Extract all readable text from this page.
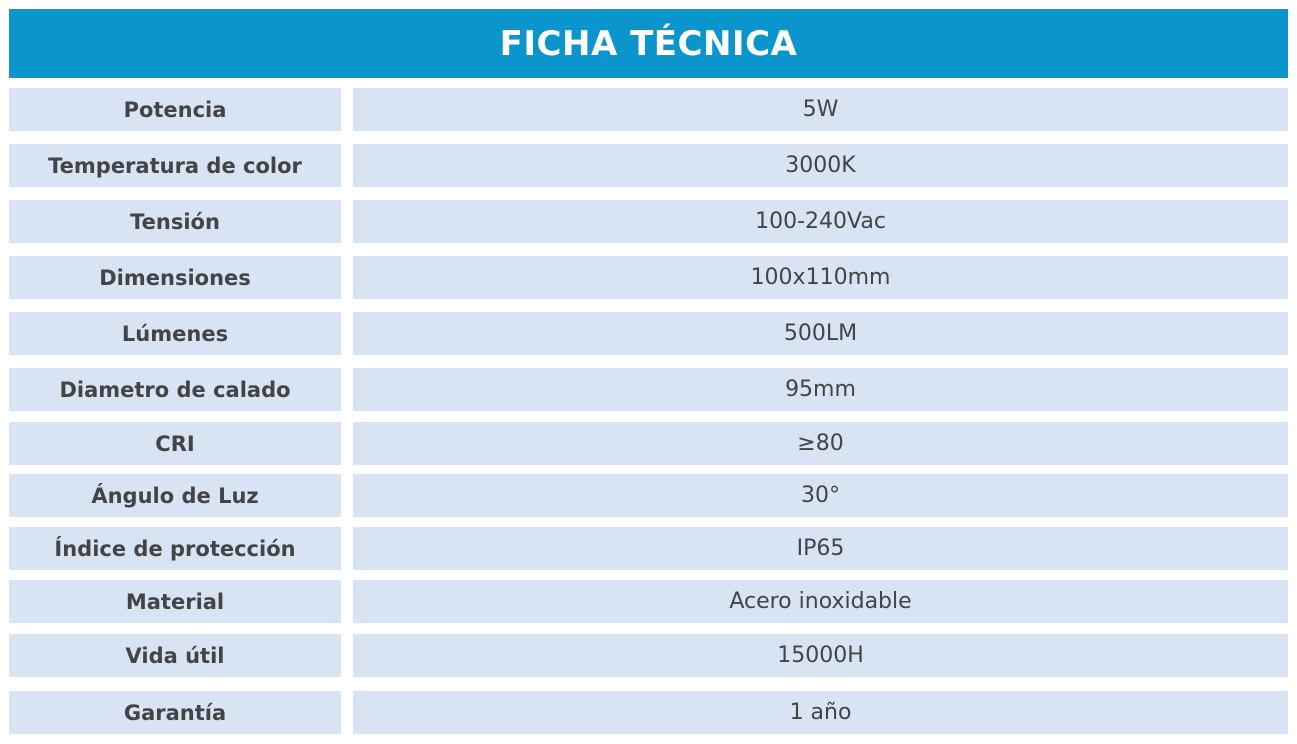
FICHA TÉCNICA
Potencia	5W
Temperatura de color	3000K
Tensión	100-240Vac
Dimensiones	100x110mm
Lúmenes	500LM
Diametro de calado	95mm
CRI	≥80
Ángulo de Luz	30°
Índice de protección	IP65
Material	Acero inoxidable
Vida útil	15000H
Garantía	1 año
